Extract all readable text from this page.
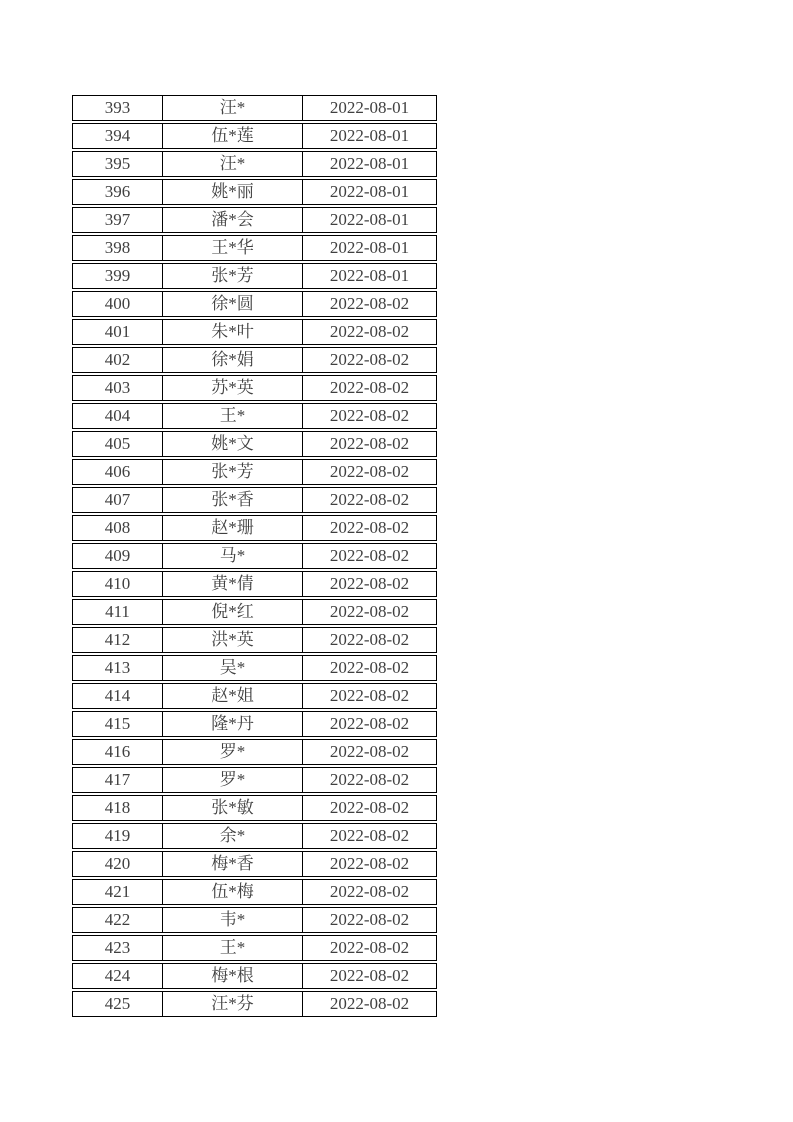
393	汪*	2022-08-01
394	伍*莲	2022-08-01
395	汪*	2022-08-01
396	姚*丽	2022-08-01
397	潘*会	2022-08-01
398	王*华	2022-08-01
399	张*芳	2022-08-01
400	徐*圆	2022-08-02
401	朱*叶	2022-08-02
402	徐*娟	2022-08-02
403	苏*英	2022-08-02
404	王*	2022-08-02
405	姚*文	2022-08-02
406	张*芳	2022-08-02
407	张*香	2022-08-02
408	赵*珊	2022-08-02
409	马*	2022-08-02
410	黄*倩	2022-08-02
411	倪*红	2022-08-02
412	洪*英	2022-08-02
413	吴*	2022-08-02
414	赵*姐	2022-08-02
415	隆*丹	2022-08-02
416	罗*	2022-08-02
417	罗*	2022-08-02
418	张*敏	2022-08-02
419	余*	2022-08-02
420	梅*香	2022-08-02
421	伍*梅	2022-08-02
422	韦*	2022-08-02
423	王*	2022-08-02
424	梅*根	2022-08-02
425	汪*芬	2022-08-02
